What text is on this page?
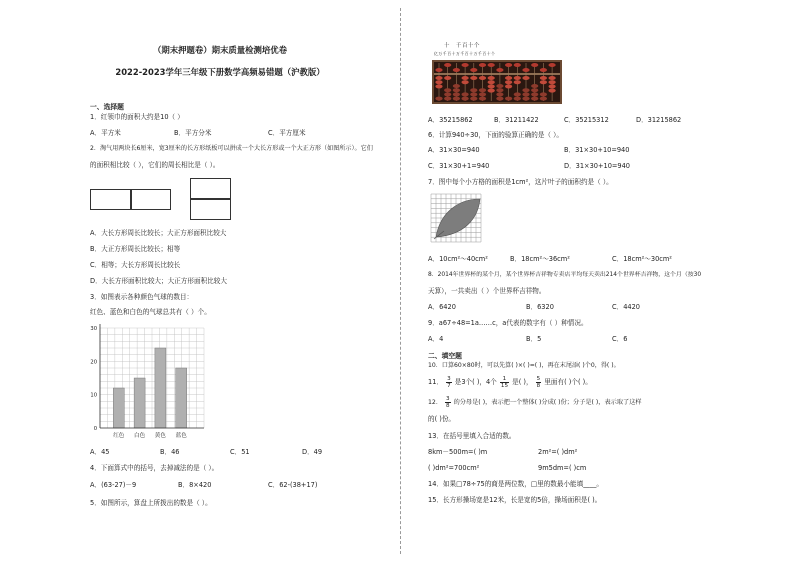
（期末押题卷）期末质量检测培优卷
2022-2023学年三年级下册数学高频易错题（沪教版）
一、选择题
1．红领巾的面积大约是10（ ）
A．平方米	B．平方分米	C．平方厘米
2．淘气用两块长6厘米，宽3厘米的长方形纸板可以拼成一个大长方形或一个大正方形（如图所示）。它们
的面积相比较（ ），它们的周长相比是（ ）。
A．大长方形周长比较长；大正方形面积比较大
B．大正方形周长比较长；相等
C．相等；大长方形周长比较长
D．大长方形面积比较大；大正方形面积比较大
3．如图表示各种颜色气球的数目：
红色、蓝色和白色的气球总共有（ ）个。
0
10
20
30
红色 白色 黄色 蓝色
A．45	B．46	C．51	D．49
4．下面算式中的括号，去掉减法的是（ ）。
A．(63-27)－9	B．8×420	C．62-(38+17)
5．如图所示，算盘上所拨出的数是（ ）。
十 千 百 十 个
亿万千百十万千百十万千百十个
A．35215862	B．31211422	C．35215312	D．31215862
6．计算940÷30，下面的验算正确的是（ ）。
A．31×30=940	B．31×30+10=940
C．31×30+1=940	D．31×30+10=940
7．图中每个小方格的面积是1cm²，这片叶子的面积约是（ ）。
A．10cm²～40cm²	B．18cm²～36cm²	C．18cm²～30cm²
8．2014年世界杯的某个月，某个世界杯吉祥物专卖店平均每天卖出214个世界杯吉祥物，这个月（按30
天算），一共卖出（ ）个世界杯吉祥物。
A．6420	B．6320	C．4420
9．a67÷48=1a……c，a代表的数字有（ ）种情况。
A．4	B．5	C．6
二、填空题
10．口算60×80时，可以先算( )×( )=( )，再在末尾添( )个0，得( )。
11． $\frac{3}{7}$ 是3个( )，4个 $\frac{1}{15}$ 是( )， $\frac{5}{8}$ 里面有( )个( )。
12． $\frac{3}{8}$ 的分母是( )，表示把一个整体( )分成( )份；分子是( )，表示取了这样
的( )份。
13．在括号里填入合适的数。
8km－500m=( )m	2m²=( )dm²
( )dm²=700cm²	9m5dm=( )cm
14．如果□78÷75的商是两位数，□里的数最小能填____。
15．长方形操场宽是12米，长是宽的5倍，操场面积是( )。
